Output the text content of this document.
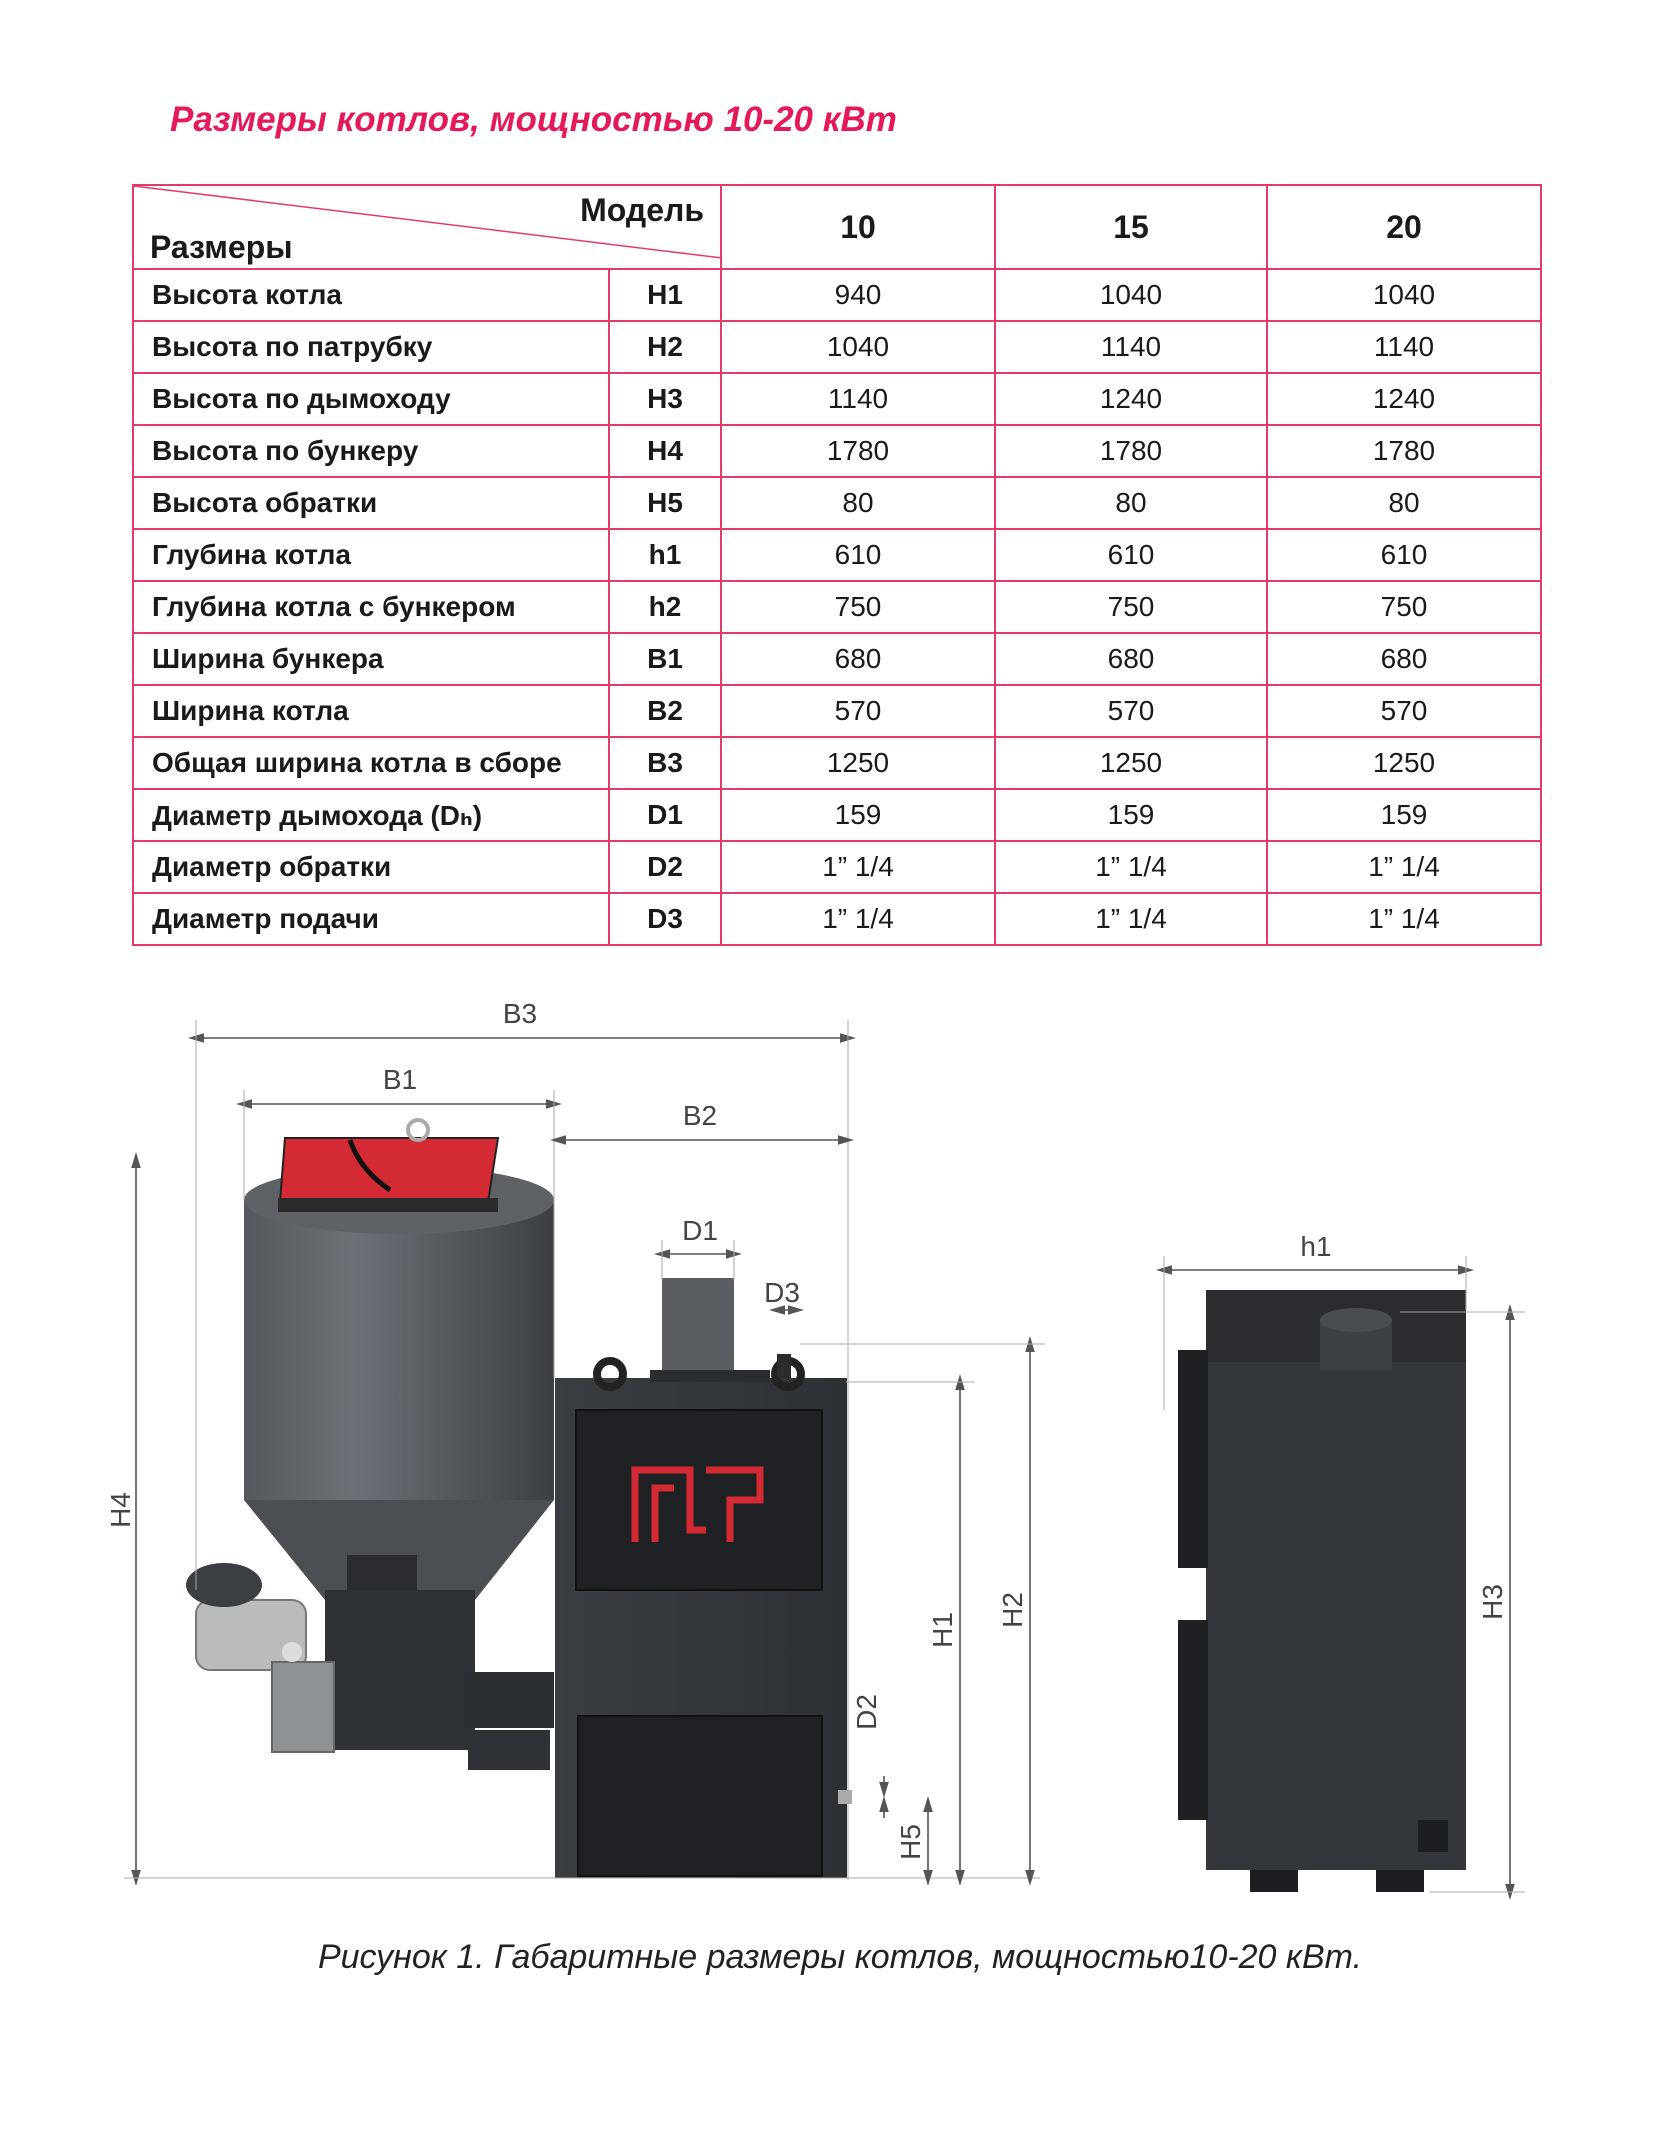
Размеры котлов, мощностью 10-20 кВт
Модель
Размеры		10	15	20
Высота котла	H1	940	1040	1040
Высота по патрубку	H2	1040	1140	1140
Высота по дымоходу	H3	1140	1240	1240
Высота по бункеру	H4	1780	1780	1780
Высота обратки	H5	80	80	80
Глубина котла	h1	610	610	610
Глубина котла с бункером	h2	750	750	750
Ширина бункера	B1	680	680	680
Ширина котла	B2	570	570	570
Общая ширина котла в сборе	B3	1250	1250	1250
Диаметр дымохода (Dₕ)	D1	159	159	159
Диаметр обратки	D2	1” 1/4	1” 1/4	1” 1/4
Диаметр подачи	D3	1” 1/4	1” 1/4	1” 1/4
B3
B1
B2
D1
D3
H4
H1
H2
D2
H5
h1
H3
Рисунок 1. Габаритные размеры котлов, мощностью10-20 кВт.
